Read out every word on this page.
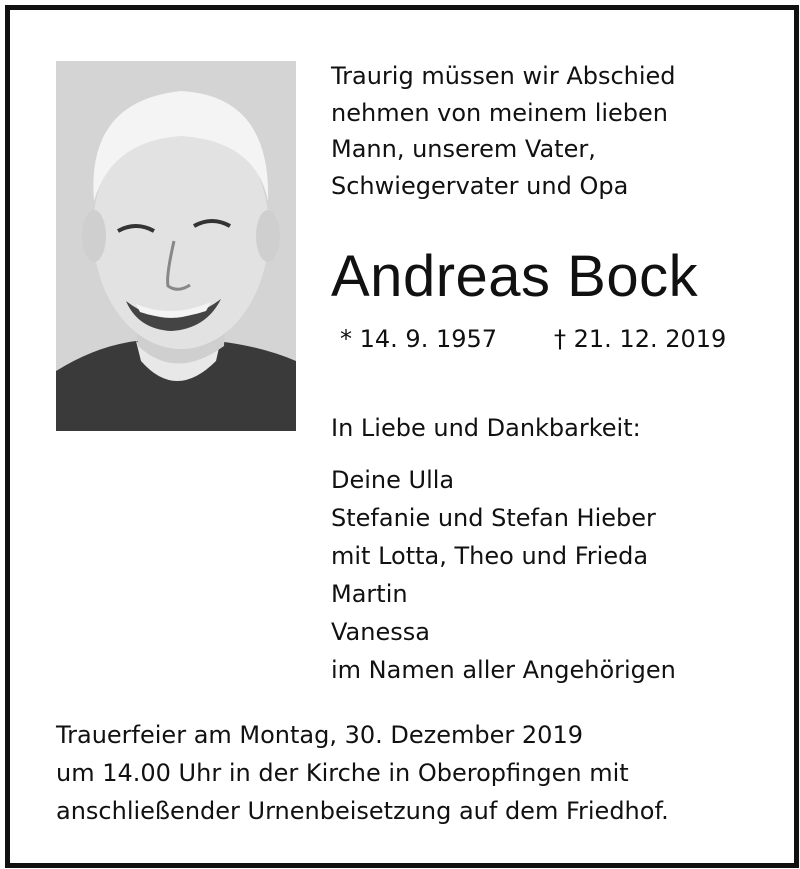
Traurig müssen wir Abschied
nehmen von meinem lieben
Mann, unserem Vater,
Schwiegervater und Opa
Andreas Bock
* 14. 9. 1957 † 21. 12. 2019
In Liebe und Dankbarkeit:
Deine Ulla
Stefanie und Stefan Hieber
mit Lotta, Theo und Frieda
Martin
Vanessa
im Namen aller Angehörigen
Trauerfeier am Montag, 30. Dezember 2019
um 14.00 Uhr in der Kirche in Oberopfingen mit
anschließender Urnenbeisetzung auf dem Friedhof.
